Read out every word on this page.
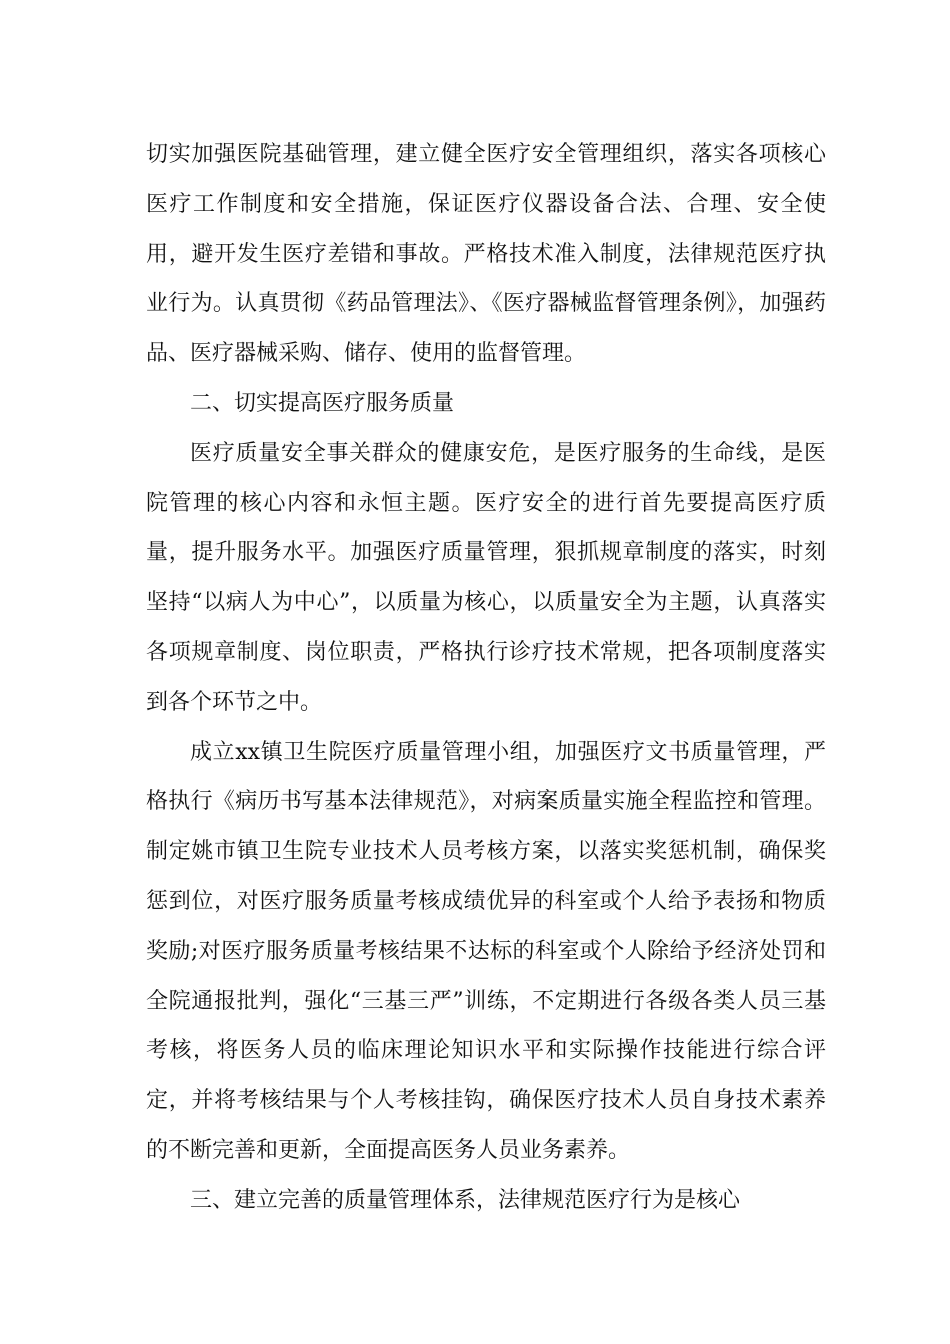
切实加强医院基础管理，建立健全医疗安全管理组织，落实各项核心医疗工作制度和安全措施，保证医疗仪器设备合法、合理、安全使用，避开发生医疗差错和事故。严格技术准入制度，法律规范医疗执业行为。认真贯彻《药品管理法》、《医疗器械监督管理条例》，加强药品、医疗器械采购、储存、使用的监督管理。

二、切实提高医疗服务质量

医疗质量安全事关群众的健康安危，是医疗服务的生命线，是医院管理的核心内容和永恒主题。医疗安全的进行首先要提高医疗质量，提升服务水平。加强医疗质量管理，狠抓规章制度的落实，时刻坚持“以病人为中心”，以质量为核心，以质量安全为主题，认真落实各项规章制度、岗位职责，严格执行诊疗技术常规，把各项制度落实到各个环节之中。

成立xx镇卫生院医疗质量管理小组，加强医疗文书质量管理，严格执行《病历书写基本法律规范》，对病案质量实施全程监控和管理。制定姚市镇卫生院专业技术人员考核方案，以落实奖惩机制，确保奖惩到位，对医疗服务质量考核成绩优异的科室或个人给予表扬和物质奖励;对医疗服务质量考核结果不达标的科室或个人除给予经济处罚和全院通报批判，强化“三基三严”训练，不定期进行各级各类人员三基考核，将医务人员的临床理论知识水平和实际操作技能进行综合评定，并将考核结果与个人考核挂钩，确保医疗技术人员自身技术素养的不断完善和更新，全面提高医务人员业务素养。

三、建立完善的质量管理体系，法律规范医疗行为是核心
